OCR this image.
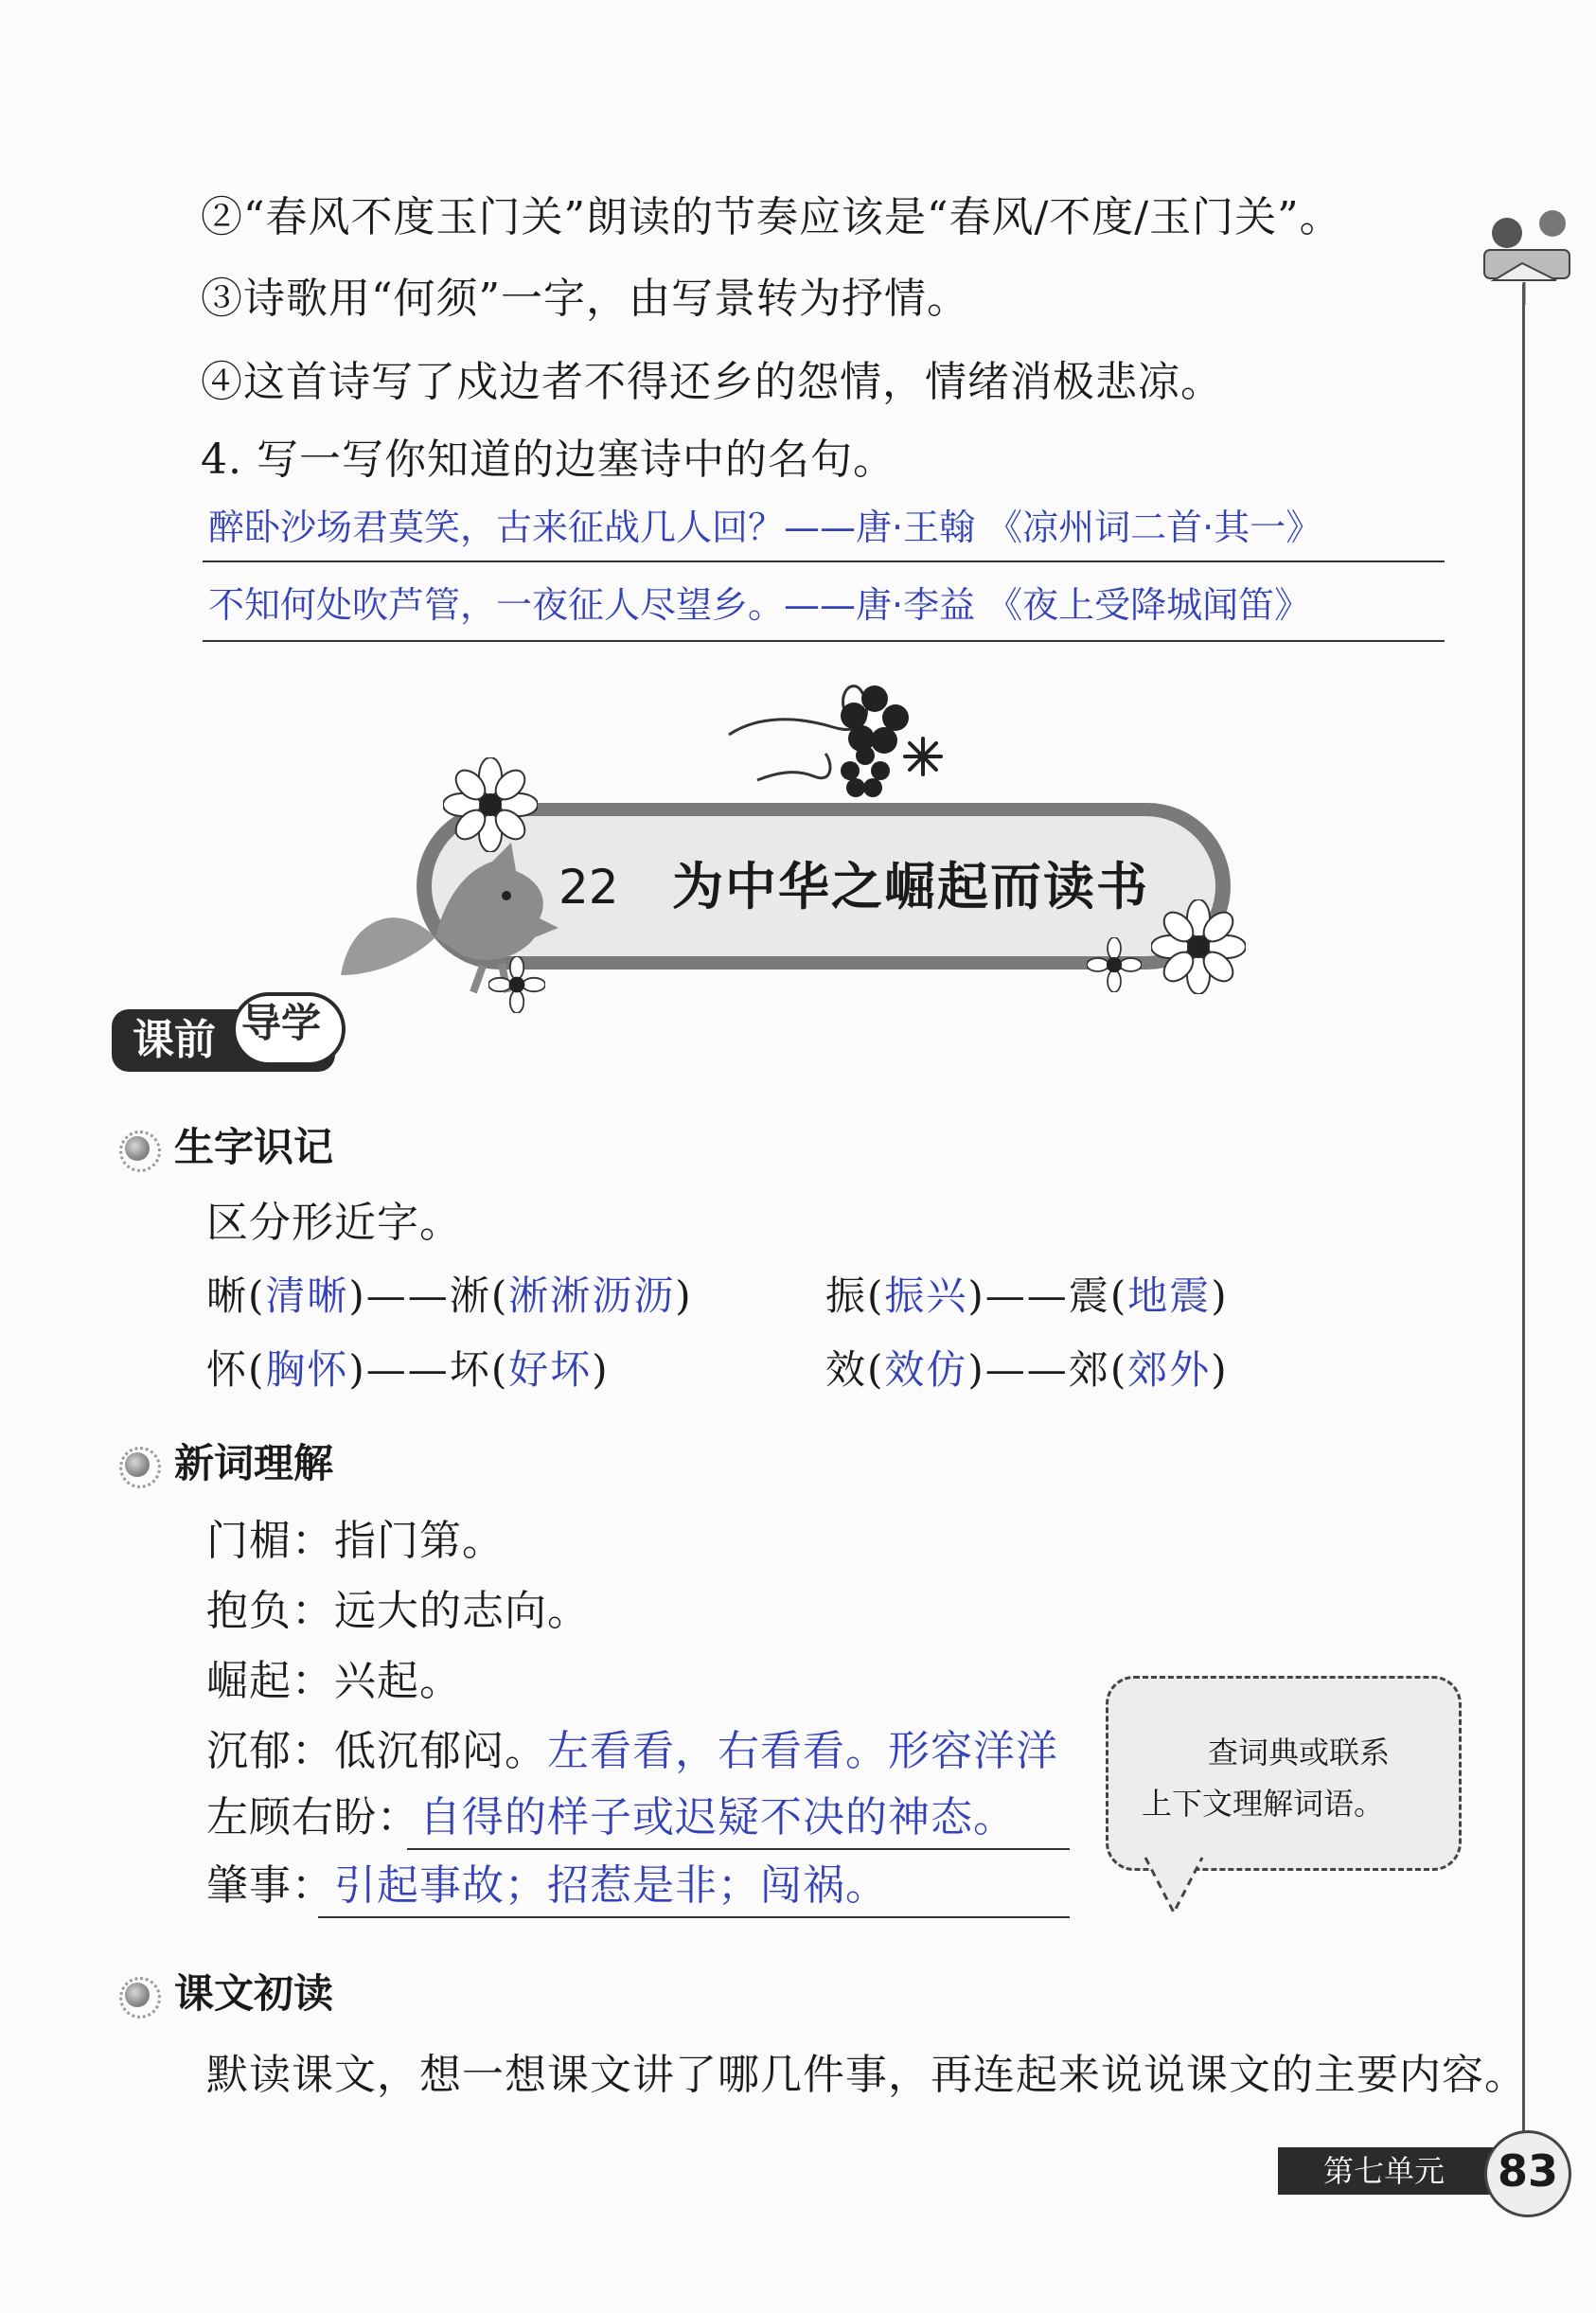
②“春风不度玉门关”朗读的节奏应该是“春风/不度/玉门关”。
③诗歌用“何须”一字，由写景转为抒情。
④这首诗写了戍边者不得还乡的怨情，情绪消极悲凉。
4. 写一写你知道的边塞诗中的名句。
醉卧沙场君莫笑，古来征战几人回？——唐·王翰 《凉州词二首·其一》
不知何处吹芦管，一夜征人尽望乡。——唐·李益 《夜上受降城闻笛》
22 为中华之崛起而读书
课前 导学
生字识记
区分形近字。
晰(清晰)——淅(淅淅沥沥)	振(振兴)——震(地震)
怀(胸怀)——坏(好坏)	效(效仿)——郊(郊外)
新词理解
门楣：指门第。
抱负：远大的志向。
崛起：兴起。
沉郁：低沉郁闷。左看看，右看看。形容洋洋
左顾右盼：自得的样子或迟疑不决的神态。
肇事：引起事故；招惹是非；闯祸。
查词典或联系
上下文理解词语。
课文初读
默读课文，想一想课文讲了哪几件事，再连起来说说课文的主要内容。
第七单元	83
